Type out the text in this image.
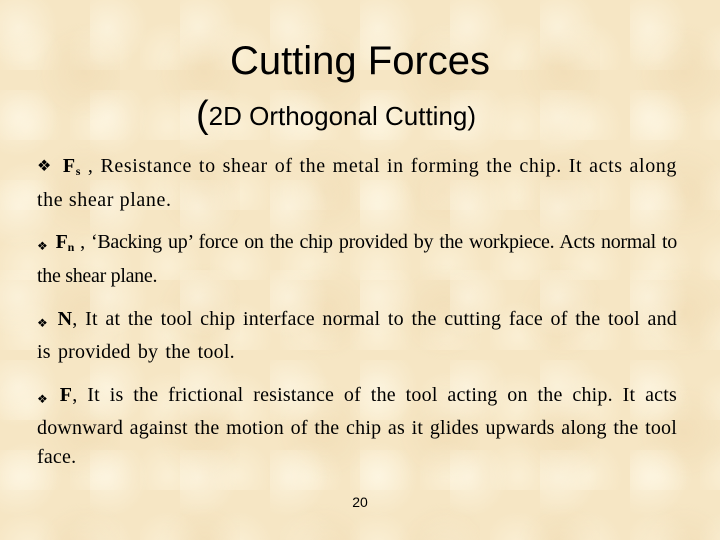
Cutting Forces
(2D Orthogonal Cutting)
❖ $F_s$ , Resistance to shear of the metal in forming the chip. It acts along the shear plane.
❖ $F_n$ , ‘Backing up’ force on the chip provided by the workpiece. Acts normal to the shear plane.
❖ N, It at the tool chip interface normal to the cutting face of the tool and is provided by the tool.
❖ F, It is the frictional resistance of the tool acting on the chip. It acts downward against the motion of the chip as it glides upwards along the tool face.
20
